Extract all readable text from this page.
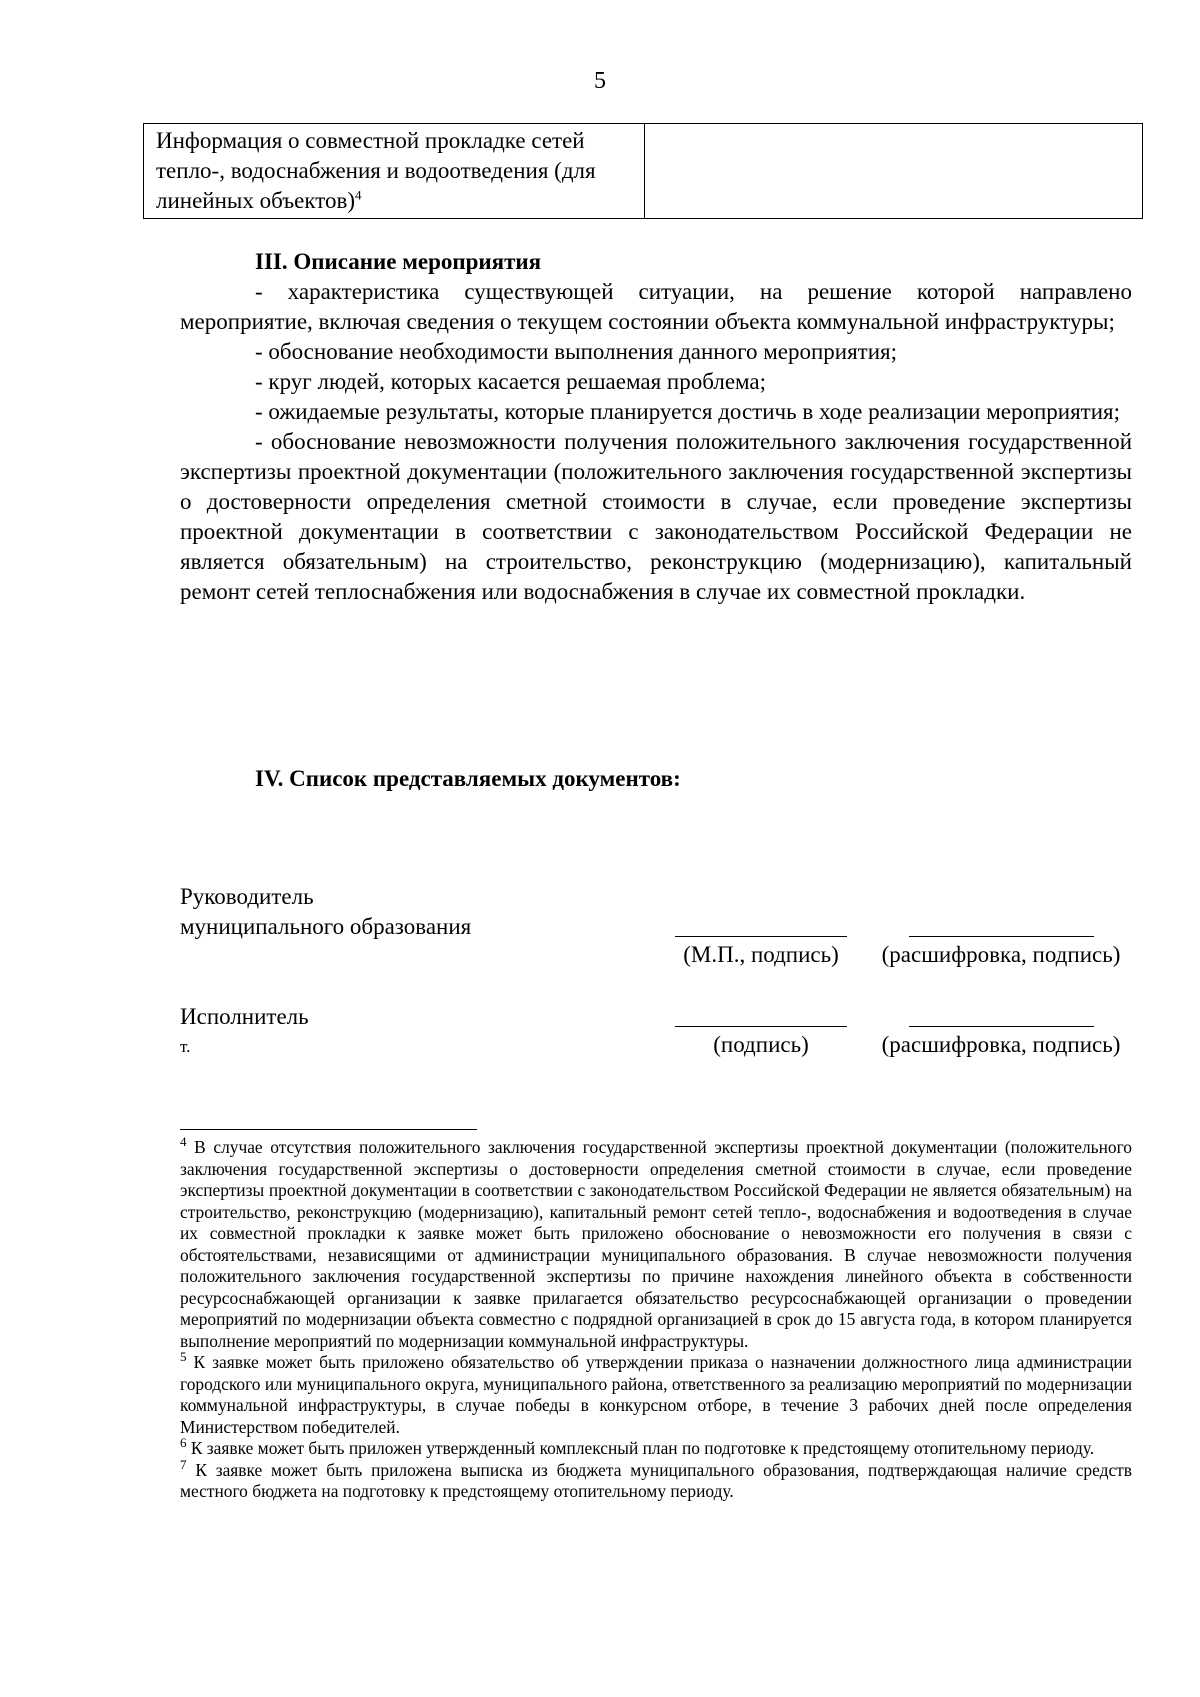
5
Информация о совместной прокладке сетей тепло-, водоснабжения и водоотведения (для линейных объектов)$^4$	

III. Описание мероприятия

- характеристика существующей ситуации, на решение которой направлено мероприятие, включая сведения о текущем состоянии объекта коммунальной инфраструктуры;

- обоснование необходимости выполнения данного мероприятия;

- круг людей, которых касается решаемая проблема;

- ожидаемые результаты, которые планируется достичь в ходе реализации мероприятия;

- обоснование невозможности получения положительного заключения государственной экспертизы проектной документации (положительного заключения государственной экспертизы о достоверности определения сметной стоимости в случае, если проведение экспертизы проектной документации в соответствии с законодательством Российской Федерации не является обязательным) на строительство, реконструкцию (модернизацию), капитальный ремонт сетей теплоснабжения или водоснабжения в случае их совместной прокладки.

IV. Список представляемых документов:

Руководитель
муниципального образования
(М.П., подпись)	(расшифровка, подпись)
Исполнитель
т.	(подпись)	(расшифровка, подпись)

$^4$ В случае отсутствия положительного заключения государственной экспертизы проектной документации (положительного заключения государственной экспертизы о достоверности определения сметной стоимости в случае, если проведение экспертизы проектной документации в соответствии с законодательством Российской Федерации не является обязательным) на строительство, реконструкцию (модернизацию), капитальный ремонт сетей тепло-, водоснабжения и водоотведения в случае их совместной прокладки к заявке может быть приложено обоснование о невозможности его получения в связи с обстоятельствами, независящими от администрации муниципального образования. В случае невозможности получения положительного заключения государственной экспертизы по причине нахождения линейного объекта в собственности ресурсоснабжающей организации к заявке прилагается обязательство ресурсоснабжающей организации о проведении мероприятий по модернизации объекта совместно с подрядной организацией в срок до 15 августа года, в котором планируется выполнение мероприятий по модернизации коммунальной инфраструктуры.

$^5$ К заявке может быть приложено обязательство об утверждении приказа о назначении должностного лица администрации городского или муниципального округа, муниципального района, ответственного за реализацию мероприятий по модернизации коммунальной инфраструктуры, в случае победы в конкурсном отборе, в течение 3 рабочих дней после определения Министерством победителей.

$^6$ К заявке может быть приложен утвержденный комплексный план по подготовке к предстоящему отопительному периоду.

$^7$ К заявке может быть приложена выписка из бюджета муниципального образования, подтверждающая наличие средств местного бюджета на подготовку к предстоящему отопительному периоду.
